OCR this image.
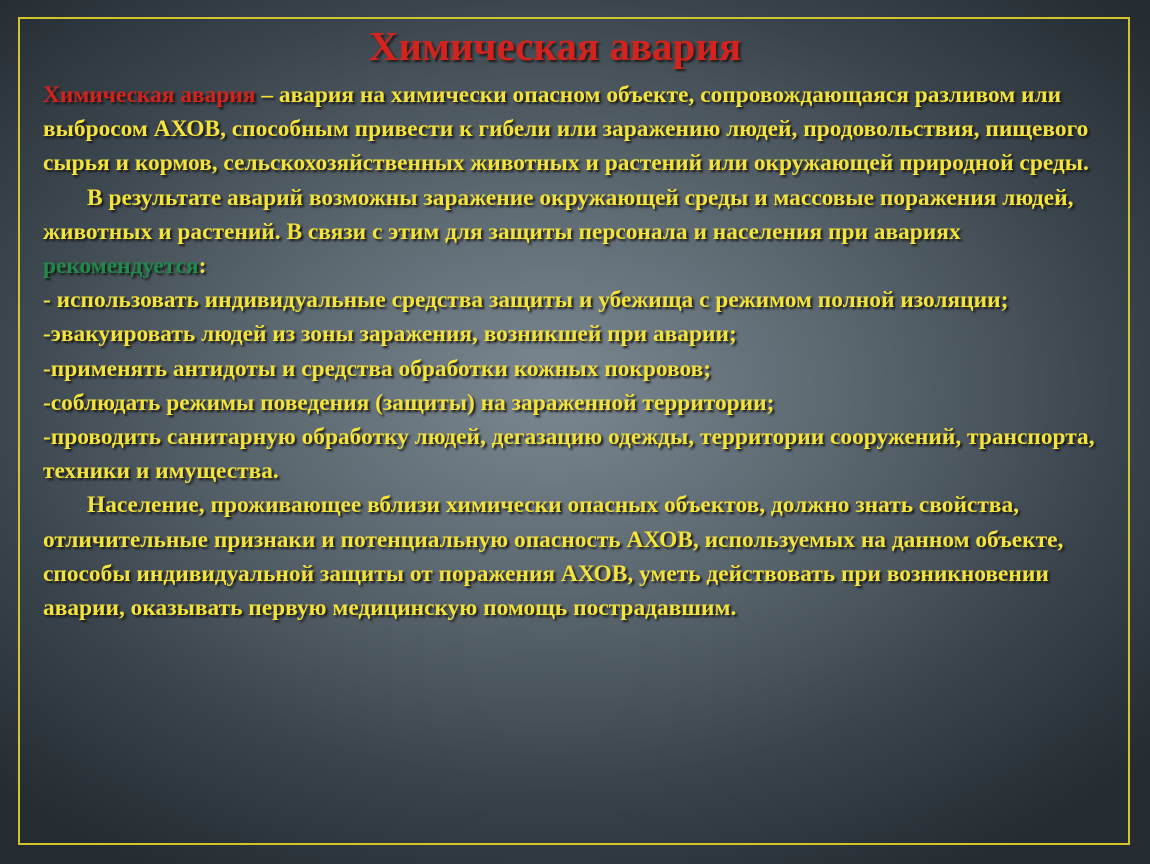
Химическая авария

Химическая авария – авария на химически опасном объекте, сопровождающаяся разливом или выбросом АХОВ, способным привести к гибели или заражению людей, продовольствия, пищевого сырья и кормов, сельскохозяйственных животных и растений или окружающей природной среды.

В результате аварий возможны заражение окружающей среды и массовые поражения людей, животных и растений. В связи с этим для защиты персонала и населения при авариях рекомендуется:

- использовать индивидуальные средства защиты и убежища с режимом полной изоляции;

-эвакуировать людей из зоны заражения, возникшей при аварии;

-применять антидоты и средства обработки кожных покровов;

-соблюдать режимы поведения (защиты) на зараженной территории;

-проводить санитарную обработку людей, дегазацию одежды, территории сооружений, транспорта, техники и имущества.

Население, проживающее вблизи химически опасных объектов, должно знать свойства, отличительные признаки и потенциальную опасность АХОВ, используемых на данном объекте, способы индивидуальной защиты от поражения АХОВ, уметь действовать при возникновении аварии, оказывать первую медицинскую помощь пострадавшим.
